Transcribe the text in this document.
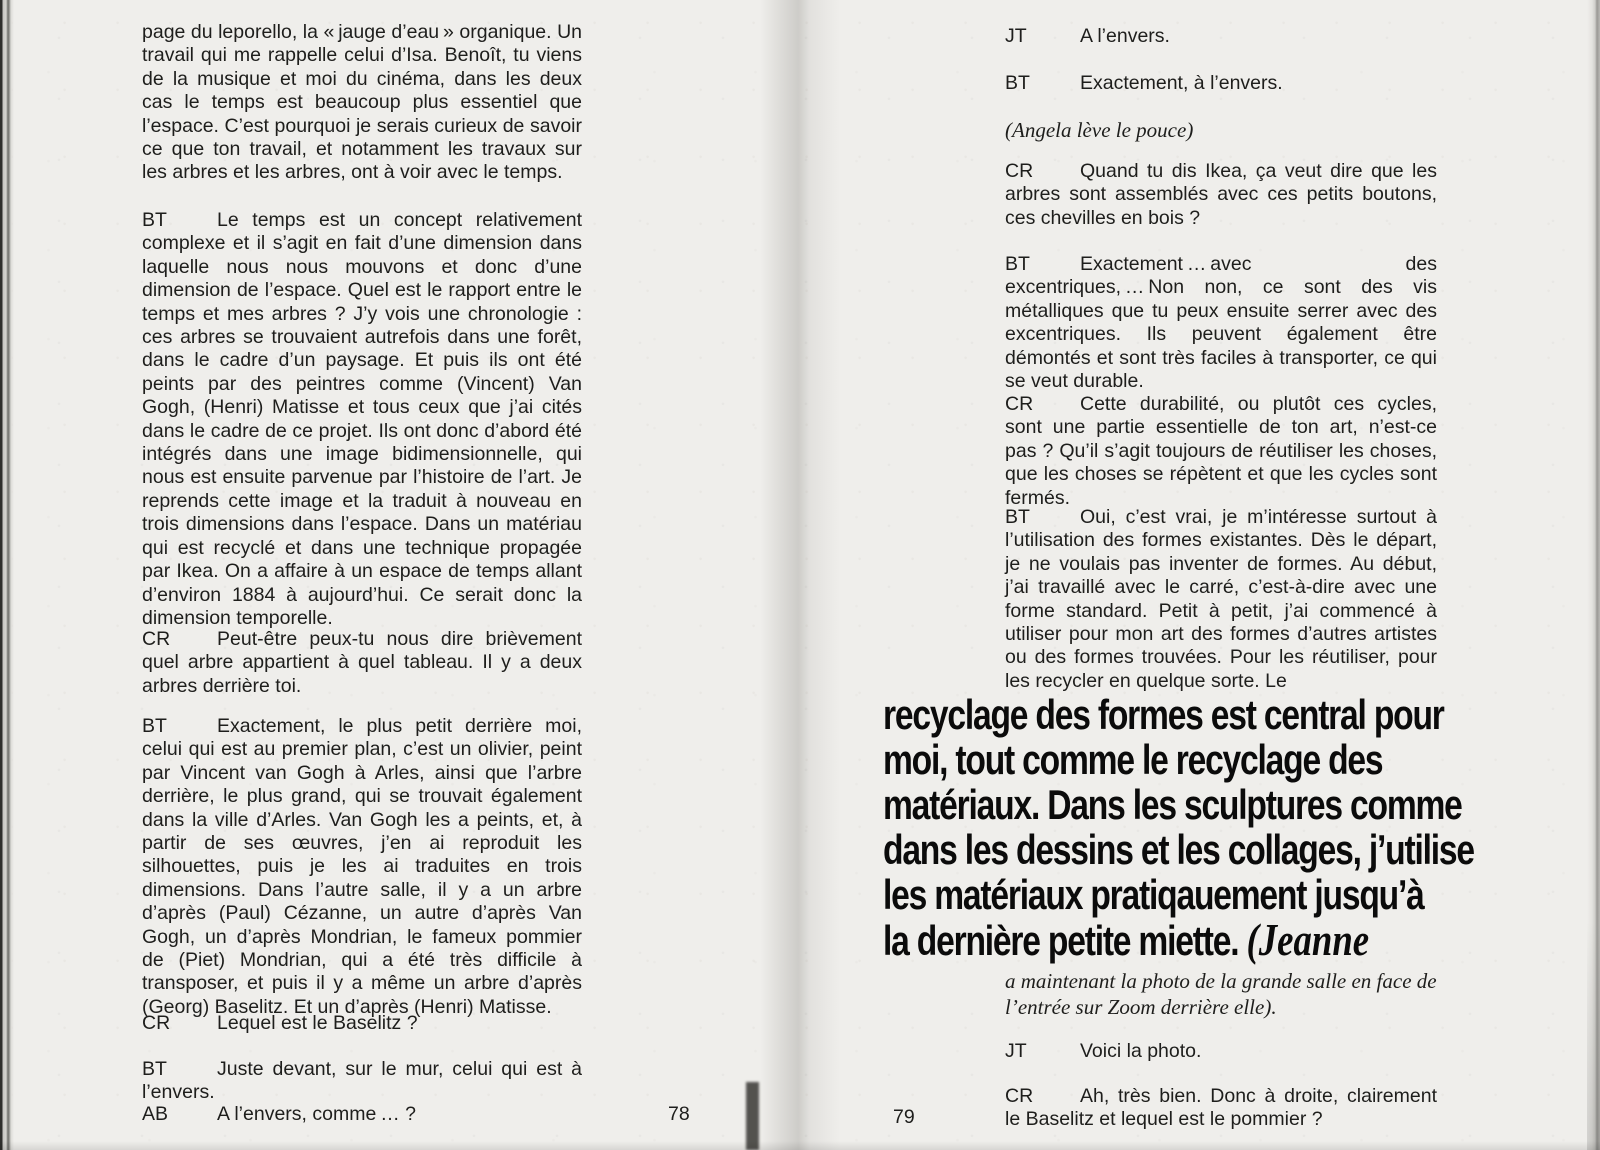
page du leporello, la « jauge d’eau » organique. Un travail qui me rappelle celui d’Isa. Benoît, tu viens de la musique et moi du cinéma, dans les deux cas le temps est beaucoup plus essentiel que l’espace. C’est pourquoi je serais curieux de savoir ce que ton travail, et notamment les travaux sur les arbres et les arbres, ont à voir avec le temps.

BT	Le temps est un concept relativement complexe et il s’agit en fait d’une dimension dans laquelle nous nous mouvons et donc d’une dimension de l’espace. Quel est le rapport entre le temps et mes arbres ? J’y vois une chronologie : ces arbres se trouvaient autrefois dans une forêt, dans le cadre d’un paysage. Et puis ils ont été peints par des peintres comme (Vincent) Van Gogh, (Henri) Matisse et tous ceux que j’ai cités dans le cadre de ce projet. Ils ont donc d’abord été intégrés dans une image bidimensionnelle, qui nous est ensuite parvenue par l’histoire de l’art. Je reprends cette image et la traduit à nouveau en trois dimensions dans l’espace. Dans un matériau qui est recyclé et dans une technique propagée par Ikea. On a affaire à un espace de temps allant d’environ 1884 à aujourd’hui. Ce serait donc la dimension temporelle.

CR	Peut-être peux-tu nous dire brièvement quel arbre appartient à quel tableau. Il y a deux arbres derrière toi.

BT	Exactement, le plus petit derrière moi, celui qui est au premier plan, c’est un olivier, peint par Vincent van Gogh à Arles, ainsi que l’arbre derrière, le plus grand, qui se trouvait également dans la ville d’Arles. Van Gogh les a peints, et, à partir de ses œuvres, j’en ai reproduit les silhouettes, puis je les ai traduites en trois dimensions. Dans l’autre salle, il y a un arbre d’après (Paul) Cézanne, un autre d’après Van Gogh, un d’après Mondrian, le fameux pommier de (Piet) Mondrian, qui a été très difficile à transposer, et puis il y a même un arbre d’après (Georg) Baselitz. Et un d’après (Henri) Matisse.

CR	Lequel est le Baselitz ?

BT	Juste devant, sur le mur, celui qui est à l’envers.

AB	A l’envers, comme … ?	78
JT	A l’envers.

BT	Exactement, à l’envers.

(Angela lève le pouce)

CR	Quand tu dis Ikea, ça veut dire que les arbres sont assemblés avec ces petits boutons, ces chevilles en bois ?

BT	Exactement … avec des excentriques, … Non non, ce sont des vis métalliques que tu peux ensuite serrer avec des excentriques. Ils peuvent également être démontés et sont très faciles à transporter, ce qui se veut durable.

CR	Cette durabilité, ou plutôt ces cycles, sont une partie essentielle de ton art, n’est-ce pas ? Qu’il s’agit toujours de réutiliser les choses, que les choses se répètent et que les cycles sont fermés.

BT	Oui, c’est vrai, je m’intéresse surtout à l’utilisation des formes existantes. Dès le départ, je ne voulais pas inventer de formes. Au début, j’ai travaillé avec le carré, c’est-à-dire avec une forme standard. Petit à petit, j’ai commencé à utiliser pour mon art des formes d’autres artistes ou des formes trouvées. Pour les réutiliser, pour les recycler en quelque sorte. Le

recyclage des formes est central pour
moi, tout comme le recyclage des
matériaux. Dans les sculptures comme
dans les dessins et les collages, j’utilise
les matériaux pratiqauement jusqu’à
la dernière petite miette. (Jeanne

a maintenant la photo de la grande salle en face de l’entrée sur Zoom derrière elle).

JT	Voici la photo.

CR	Ah, très bien. Donc à droite, clairement le Baselitz et lequel est le pommier ?

79
